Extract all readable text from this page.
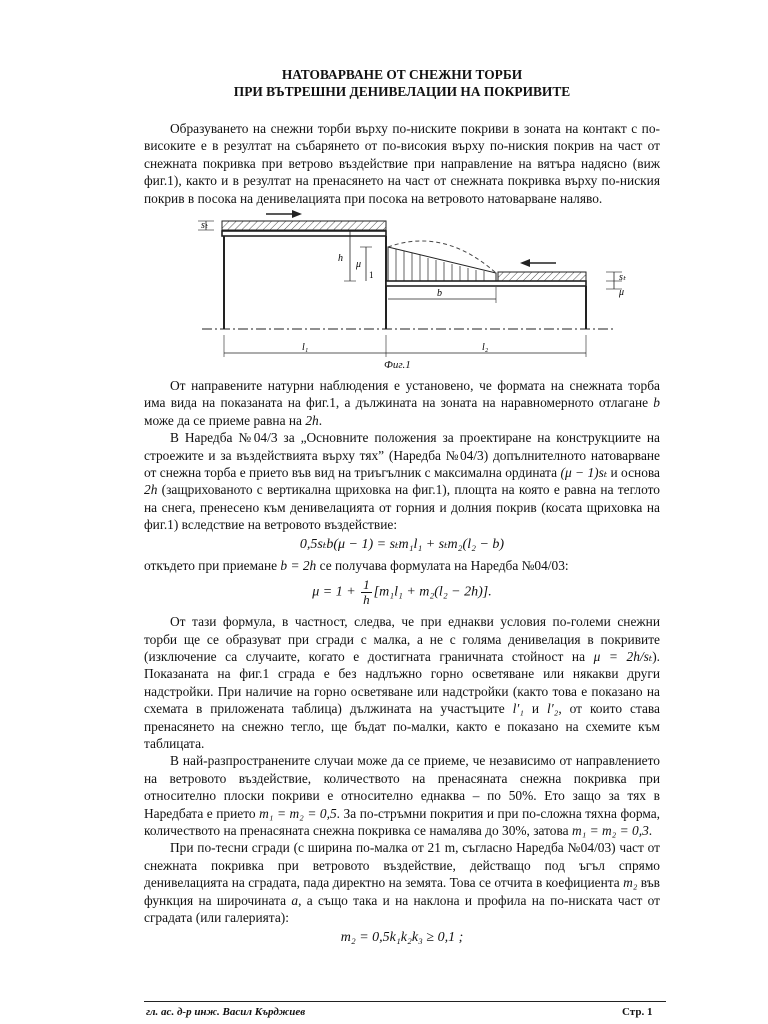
НАТОВАРВАНЕ ОТ СНЕЖНИ ТОРБИ
ПРИ ВЪТРЕШНИ ДЕНИВЕЛАЦИИ НА ПОКРИВИТЕ

Образуването на снежни торби върху по-ниските покриви в зоната на контакт с по-високите е в резултат на събарянето от по-високия върху по-ниския покрив на част от снежната покривка при ветрово въздействие при направление на вятъра надясно (виж фиг.1), както и в резултат на пренасянето на част от снежната покривка върху по-ниския покрив в посока на денивелацията при посока на ветровото натоварване наляво.

sₜ
h
μ
1
b
l₁	l₂
sₜ
μ
Фиг.1

От направените натурни наблюдения е установено, че формата на снежната торба има вида на показаната на фиг.1, а дължината на зоната на наравномерното отлагане b може да се приеме равна на 2h.

В Наредба №04/3 за „Основните положения за проектиране на конструкциите на строежите и за въздействията върху тях” (Наредба №04/3) допълнителното натоварване от снежна торба е прието във вид на триъгълник с максимална ордината (μ − 1)sₜ и основа 2h (защрихованото с вертикална щриховка на фиг.1), площта на която е равна на теглото на снега, пренесено към денивелацията от горния и долния покрив (косата щриховка на фиг.1) вследствие на ветровото въздействие:

0,5sₜb(μ − 1) = sₜm₁l₁ + sₜm₂(l₂ − b)

откъдето при приемане b = 2h се получава формулата на Наредба №04/03:

$\mu = 1 + \frac{1}{h} [m_1l_1 + m_2(l_2 - 2h)]$.

От тази формула, в частност, следва, че при еднакви условия по-големи снежни торби ще се образуват при сгради с малка, а не с голяма денивелация в покривите (изключение са случаите, когато е достигната граничната стойност на μ = 2h/sₜ). Показаната на фиг.1 сграда е без надлъжно горно осветяване или някакви други надстройки. При наличие на горно осветяване или надстройки (както това е показано на схемата в приложената таблица) дължината на участъците l′₁ и l′₂, от които става пренасянето на снежно тегло, ще бъдат по-малки, както е показано на схемите към таблицата.

В най-разпространените случаи може да се приеме, че независимо от направлението на ветровото въздействие, количеството на пренасяната снежна покривка при относително плоски покриви е относително еднаква – по 50%. Ето защо за тях в Наредбата е прието m₁ = m₂ = 0,5. За по-стръмни покрития и при по-сложна тяхна форма, количеството на пренасяната снежна покривка се намалява до 30%, затова m₁ = m₂ = 0,3.

При по-тесни сгради (с ширина по-малка от 21 m, съгласно Наредба №04/03) част от снежната покривка при ветровото въздействие, действащо под ъгъл спрямо денивелацията на сградата, пада директно на земята. Това се отчита в коефициента m₂ във функция на широчината a, а също така и на наклона и профила на по-ниската част от сградата (или галерията):

m₂ = 0,5k₁k₂k₃ ≥ 0,1 ;
гл. ас. д-р инж. Васил Кърджиев	Стр. 1
